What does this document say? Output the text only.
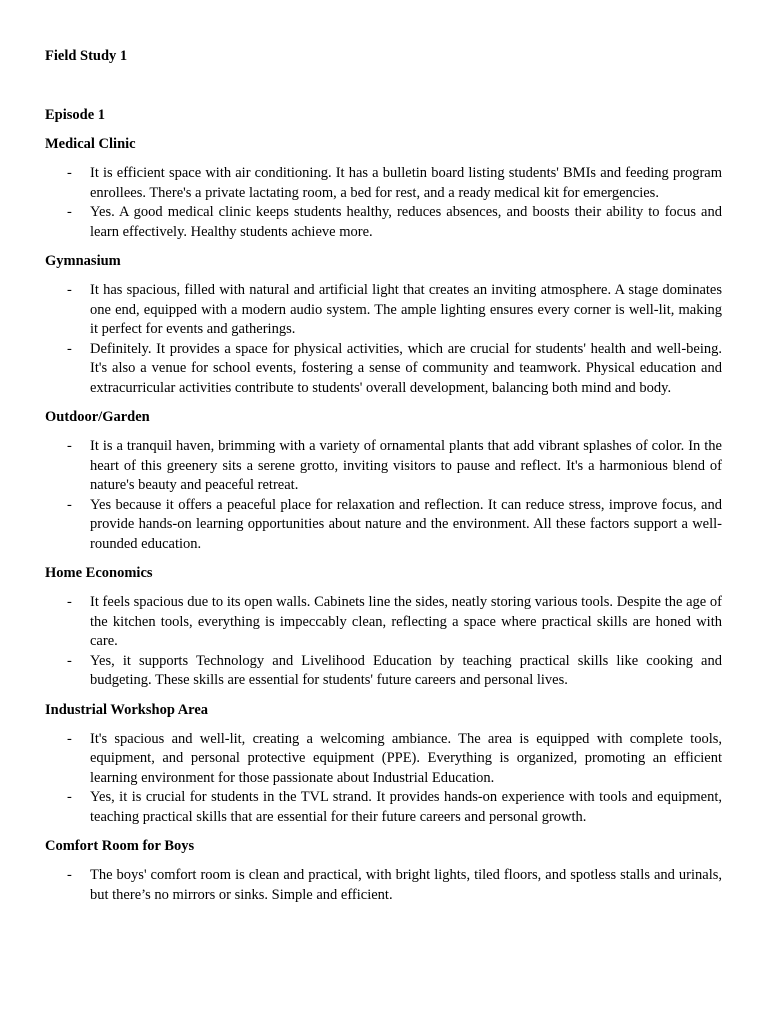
Field Study 1

Episode 1

Medical Clinic

- It is efficient space with air conditioning. It has a bulletin board listing students' BMIs and feeding program enrollees. There's a private lactating room, a bed for rest, and a ready medical kit for emergencies.
- Yes. A good medical clinic keeps students healthy, reduces absences, and boosts their ability to focus and learn effectively. Healthy students achieve more.

Gymnasium

- It has spacious, filled with natural and artificial light that creates an inviting atmosphere. A stage dominates one end, equipped with a modern audio system. The ample lighting ensures every corner is well-lit, making it perfect for events and gatherings.
- Definitely. It provides a space for physical activities, which are crucial for students' health and well-being. It's also a venue for school events, fostering a sense of community and teamwork. Physical education and extracurricular activities contribute to students' overall development, balancing both mind and body.

Outdoor/Garden

- It is a tranquil haven, brimming with a variety of ornamental plants that add vibrant splashes of color. In the heart of this greenery sits a serene grotto, inviting visitors to pause and reflect. It's a harmonious blend of nature's beauty and peaceful retreat.
- Yes because it offers a peaceful place for relaxation and reflection. It can reduce stress, improve focus, and provide hands-on learning opportunities about nature and the environment. All these factors support a well-rounded education.

Home Economics

- It feels spacious due to its open walls. Cabinets line the sides, neatly storing various tools. Despite the age of the kitchen tools, everything is impeccably clean, reflecting a space where practical skills are honed with care.
- Yes, it supports Technology and Livelihood Education by teaching practical skills like cooking and budgeting. These skills are essential for students' future careers and personal lives.

Industrial Workshop Area

- It's spacious and well-lit, creating a welcoming ambiance. The area is equipped with complete tools, equipment, and personal protective equipment (PPE). Everything is organized, promoting an efficient learning environment for those passionate about Industrial Education.
- Yes, it is crucial for students in the TVL strand. It provides hands-on experience with tools and equipment, teaching practical skills that are essential for their future careers and personal growth.

Comfort Room for Boys

- The boys' comfort room is clean and practical, with bright lights, tiled floors, and spotless stalls and urinals, but there’s no mirrors or sinks. Simple and efficient.
